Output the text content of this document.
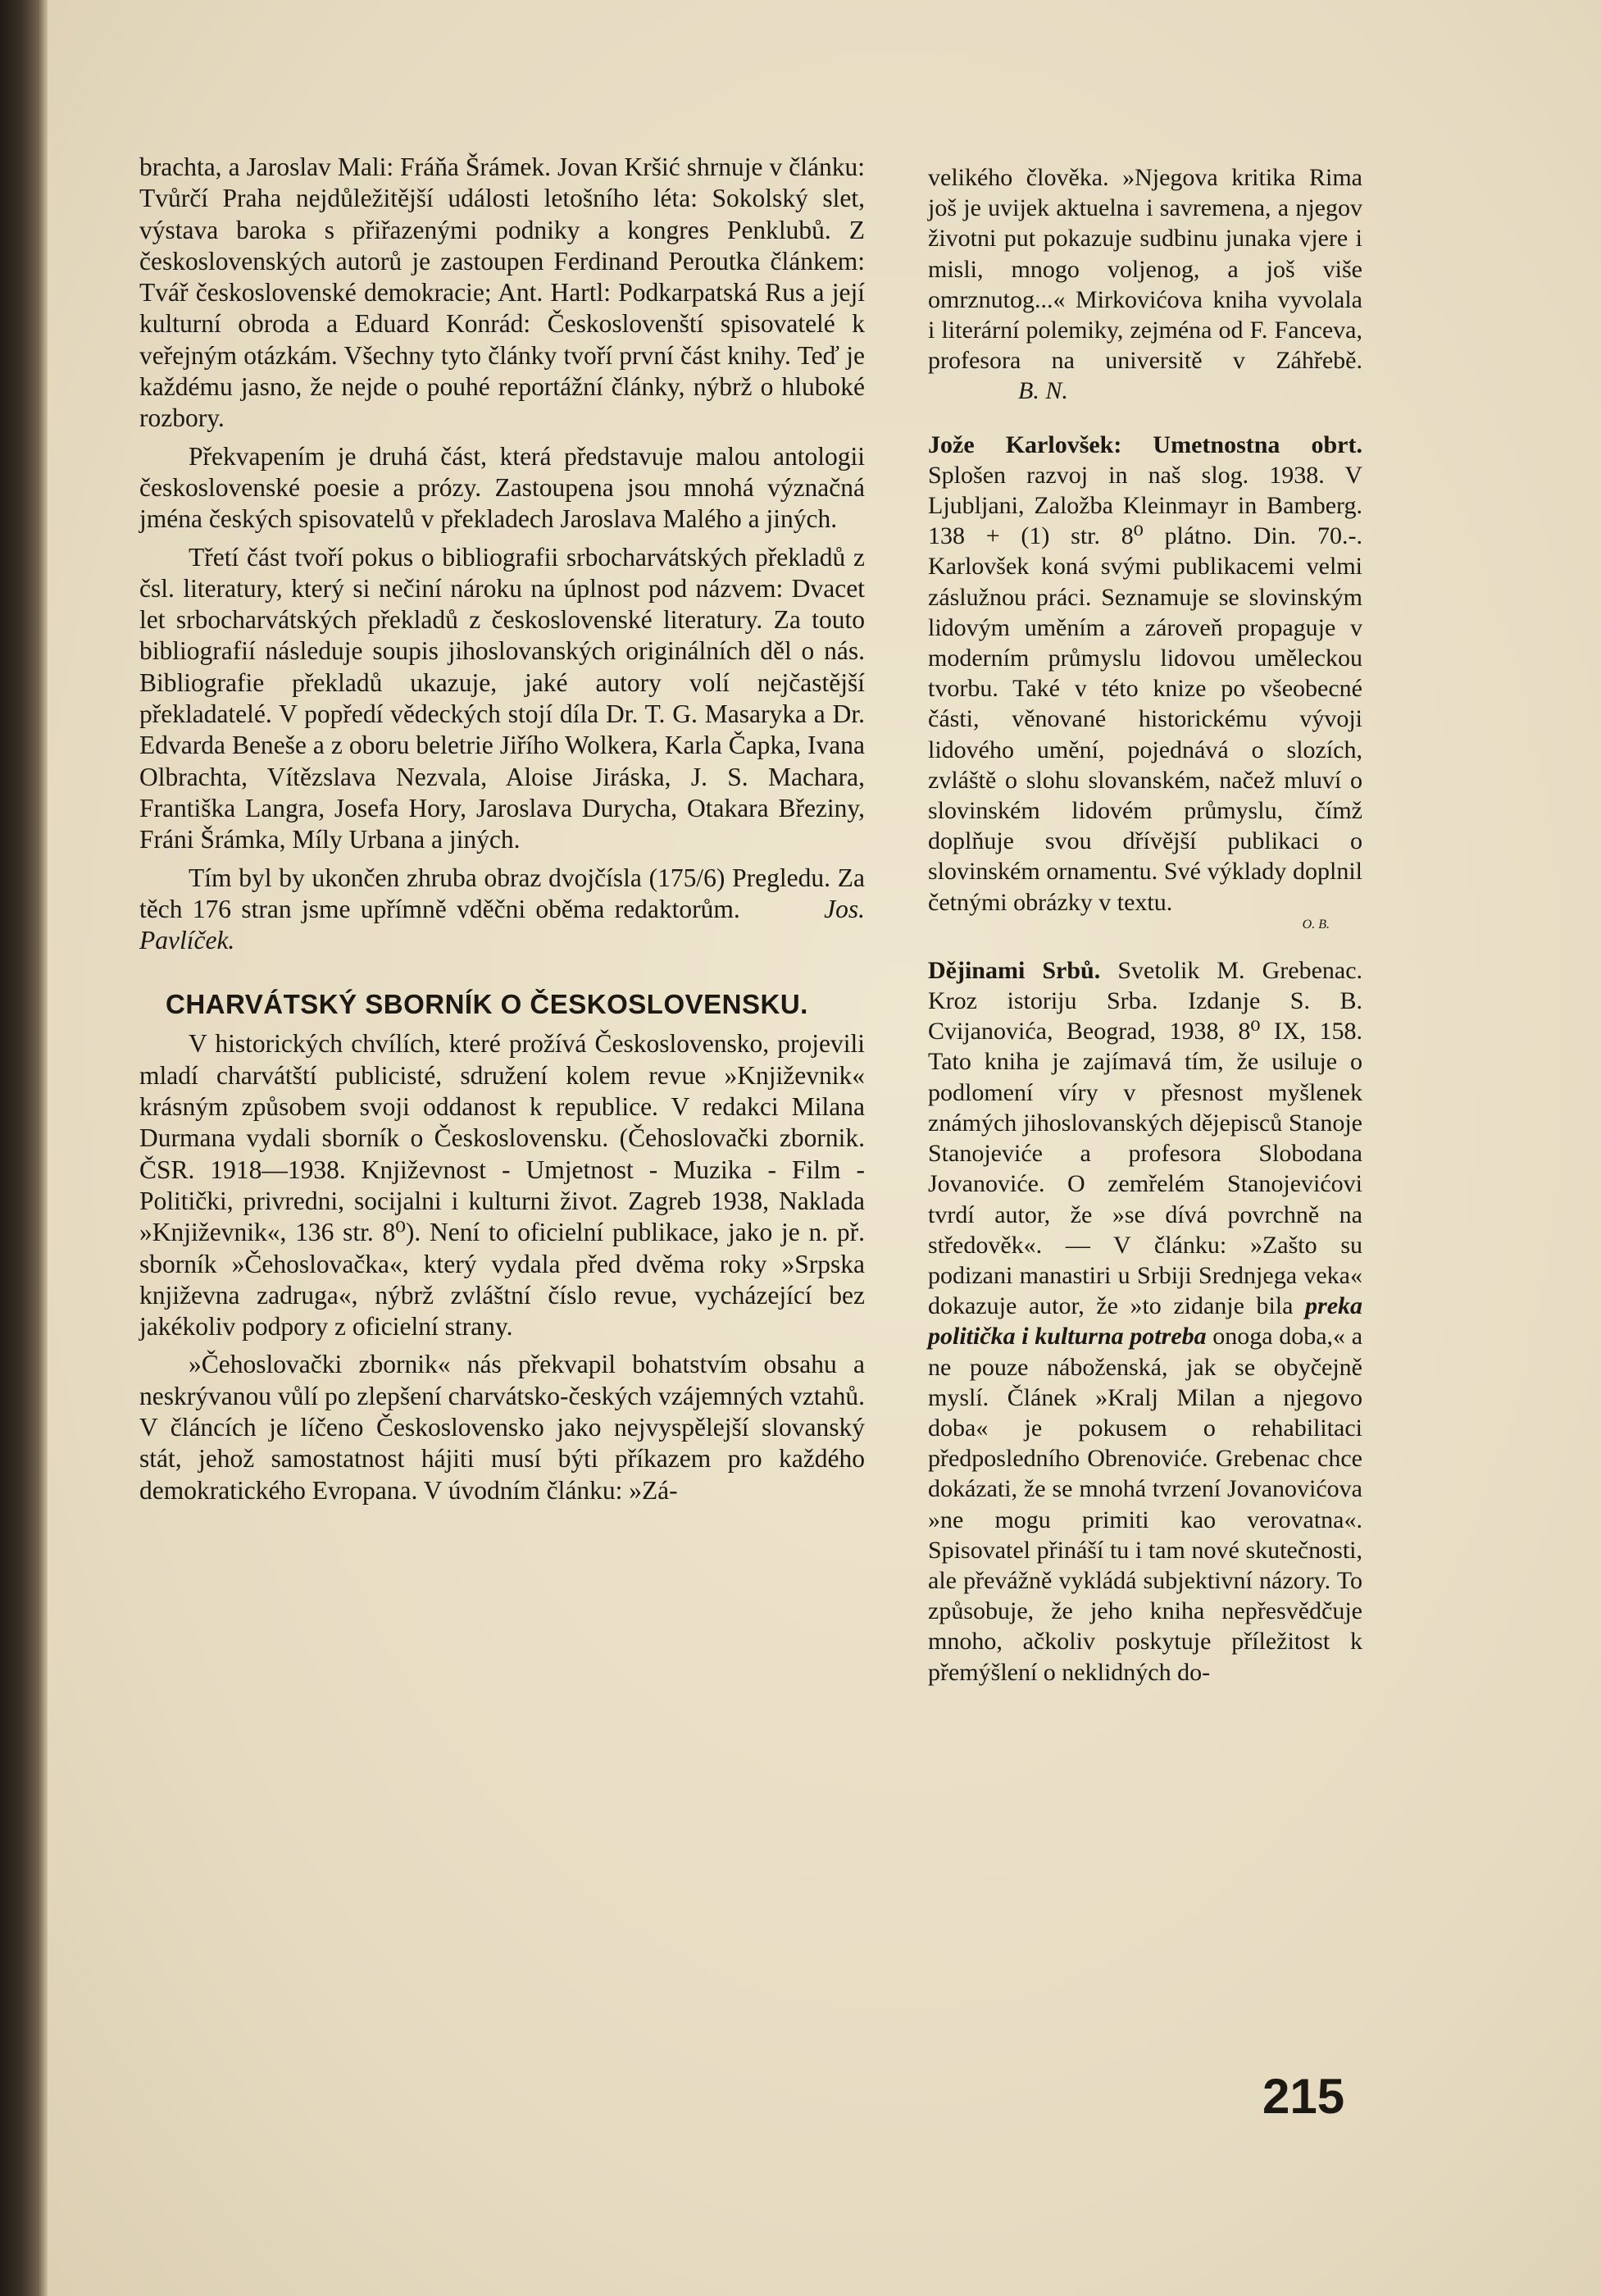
brachta, a Jaroslav Mali: Fráňa Šrámek. Jovan Kršić shrnuje v článku: Tvůrčí Praha nejdůležitější události letošního léta: Sokolský slet, výstava baroka s přiřazenými podniky a kongres Penklubů. Z československých autorů je zastoupen Ferdinand Peroutka článkem: Tvář československé demokracie; Ant. Hartl: Podkarpatská Rus a její kulturní obroda a Eduard Konrád: Českoslovenští spisovatelé k veřejným otázkám. Všechny tyto články tvoří první část knihy. Teď je každému jasno, že nejde o pouhé reportážní články, nýbrž o hluboké rozbory.

Překvapením je druhá část, která představuje malou antologii československé poesie a prózy. Zastoupena jsou mnohá význačná jména českých spisovatelů v překladech Jaroslava Malého a jiných.

Třetí část tvoří pokus o bibliografii srbocharvátských překladů z čsl. literatury, který si nečiní nároku na úplnost pod názvem: Dvacet let srbocharvátských překladů z československé literatury. Za touto bibliografií následuje soupis jihoslovanských originálních děl o nás. Bibliografie překladů ukazuje, jaké autory volí nejčastější překladatelé. V popředí vědeckých stojí díla Dr. T. G. Masaryka a Dr. Edvarda Beneše a z oboru beletrie Jiřího Wolkera, Karla Čapka, Ivana Olbrachta, Vítězslava Nezvala, Aloise Jiráska, J. S. Machara, Františka Langra, Josefa Hory, Jaroslava Durycha, Otakara Březiny, Fráni Šrámka, Míly Urbana a jiných.

Tím byl by ukončen zhruba obraz dvojčísla (175/6) Pregledu. Za těch 176 stran jsme upřímně vděčni oběma redaktorům.	Jos. Pavlíček.

CHARVÁTSKÝ SBORNÍK O ČESKOSLOVENSKU.

V historických chvílích, které prožívá Československo, projevili mladí charvátští publicisté, sdružení kolem revue »Književnik« krásným způsobem svoji oddanost k republice. V redakci Milana Durmana vydali sborník o Československu. (Čehoslovački zbornik. ČSR. 1918—1938. Književnost - Umjetnost - Muzika - Film - Politički, privredni, socijalni i kulturni život. Zagreb 1938, Naklada »Književnik«, 136 str. 8⁰). Není to oficielní publikace, jako je n. př. sborník »Čehoslovačka«, který vydala před dvěma roky »Srpska književna zadruga«, nýbrž zvláštní číslo revue, vycházející bez jakékoliv podpory z oficielní strany.

»Čehoslovački zbornik« nás překvapil bohatstvím obsahu a neskrývanou vůlí po zlepšení charvátsko-českých vzájemných vztahů. V článcích je líčeno Československo jako nejvyspělejší slovanský stát, jehož samostatnost hájiti musí býti příkazem pro každého demokratického Evropana. V úvodním článku: »Zá-

velikého člověka. »Njegova kritika Rima još je uvijek aktuelna i savremena, a njegov životni put pokazuje sudbinu junaka vjere i misli, mnogo voljenog, a još više omrznutog...« Mirkovićova kniha vyvolala i literární polemiky, zejména od F. Fanceva, profesora na universitě v Záhřebě. B. N.

Jože Karlovšek: Umetnostna obrt. Splošen razvoj in naš slog. 1938. V Ljubljani, Založba Kleinmayr in Bamberg. 138 + (1) str. 8⁰ plátno. Din. 70.-. Karlovšek koná svými publikacemi velmi záslužnou práci. Seznamuje se slovinským lidovým uměním a zároveň propaguje v moderním průmyslu lidovou uměleckou tvorbu. Také v této knize po všeobecné části, věnované historickému vývoji lidového umění, pojednává o slozích, zvláště o slohu slovanském, načež mluví o slovinském lidovém průmyslu, čímž doplňuje svou dřívější publikaci o slovinském ornamentu. Své výklady doplnil četnými obrázky v textu.

O. B.

Dějinami Srbů. Svetolik M. Grebenac. Kroz istoriju Srba. Izdanje S. B. Cvijanovića, Beograd, 1938, 8⁰ IX, 158. Tato kniha je zajímavá tím, že usiluje o podlomení víry v přesnost myšlenek známých jihoslovanských dějepisců Stanoje Stanojeviće a profesora Slobodana Jovanoviće. O zemřelém Stanojevićovi tvrdí autor, že »se dívá povrchně na středověk«. — V článku: »Zašto su podizani manastiri u Srbiji Srednjega veka« dokazuje autor, že »to zidanje bila preka politička i kulturna potreba onoga doba,« a ne pouze náboženská, jak se obyčejně myslí. Článek »Kralj Milan a njegovo doba« je pokusem o rehabilitaci předposledního Obrenoviće. Grebenac chce dokázati, že se mnohá tvrzení Jovanovićova »ne mogu primiti kao verovatna«. Spisovatel přináší tu i tam nové skutečnosti, ale převážně vykládá subjektivní názory. To způsobuje, že jeho kniha nepřesvědčuje mnoho, ačkoliv poskytuje příležitost k přemýšlení o neklidných do-

215
